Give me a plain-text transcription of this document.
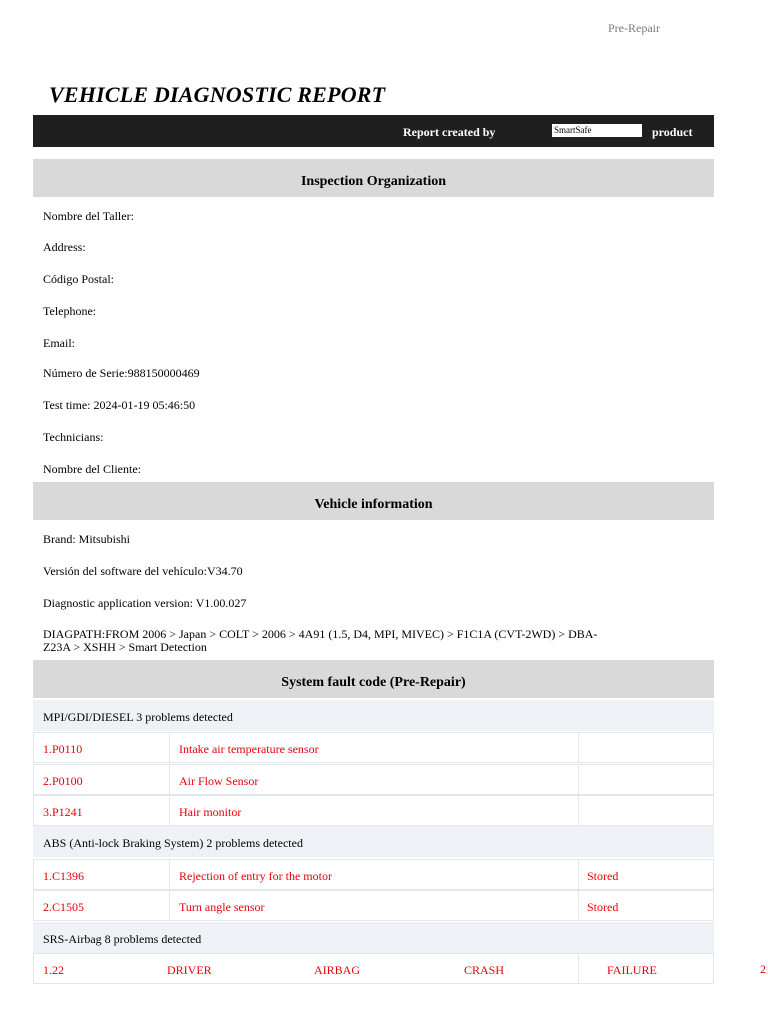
Pre-Repair
VEHICLE DIAGNOSTIC REPORT
Report created by	SmartSafe	product
Inspection Organization
Nombre del Taller:
Address:
Código Postal:
Telephone:
Email:
Número de Serie:988150000469
Test time: 2024-01-19 05:46:50
Technicians:
Nombre del Cliente:
Vehicle information
Brand: Mitsubishi
Versión del software del vehículo:V34.70
Diagnostic application version: V1.00.027
DIAGPATH:FROM 2006 > Japan > COLT > 2006 > 4A91 (1.5, D4, MPI, MIVEC) > F1C1A (CVT-2WD) > DBA-Z23A > XSHH > Smart Detection
System fault code (Pre-Repair)
MPI/GDI/DIESEL 3 problems detected
1.P0110	Intake air temperature sensor
2.P0100	Air Flow Sensor
3.P1241	Hair monitor
ABS (Anti-lock Braking System) 2 problems detected
1.C1396	Rejection of entry for the motor	Stored
2.C1505	Turn angle sensor	Stored
SRS-Airbag 8 problems detected
1.22	DRIVER	AIRBAG	CRASH	FAILURE	2
